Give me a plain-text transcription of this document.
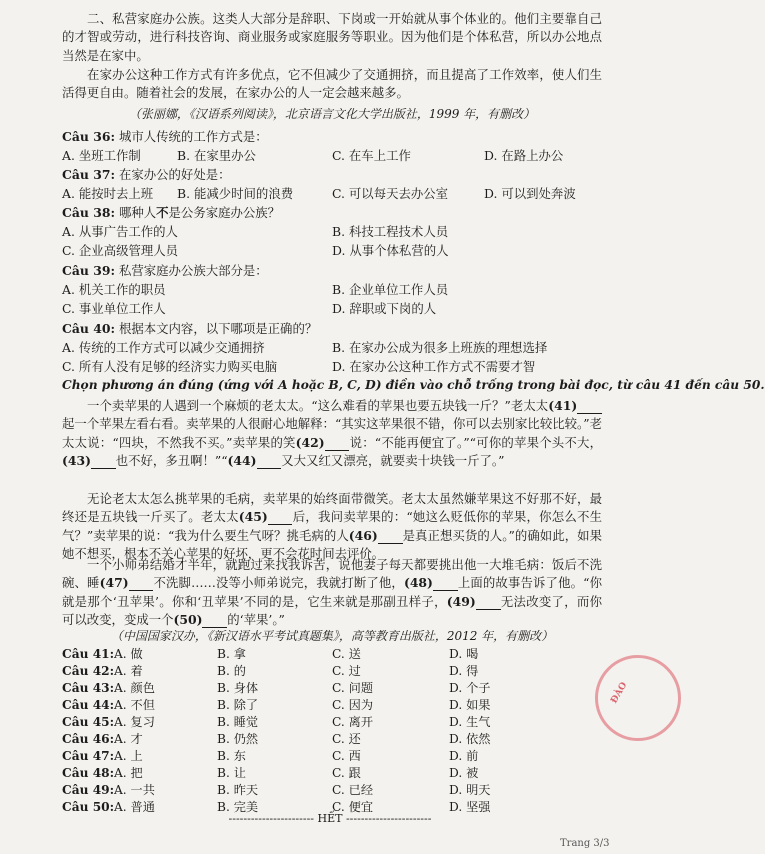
二、私营家庭办公族。这类人大部分是辞职、下岗或一开始就从事个体业的。他们主要靠自己的才智或劳动，进行科技咨询、商业服务或家庭服务等职业。因为他们是个体私营，所以办公地点当然是在家中。

在家办公这种工作方式有许多优点，它不但减少了交通拥挤，而且提高了工作效率，使人们生活得更自由。随着社会的发展，在家办公的人一定会越来越多。

（张丽娜，《汉语系列阅读》，北京语言文化大学出版社，1999 年，有删改）

Câu 36: 城市人传统的工作方式是：

A. 坐班工作制	B. 在家里办公	C. 在车上工作	D. 在路上办公

Câu 37: 在家办公的好处是：

A. 能按时去上班 B. 能减少时间的浪费	C. 可以每天去办公室	D. 可以到处奔波

Câu 38: 哪种人不是公务家庭办公族？

A. 从事广告工作的人	B. 科技工程技术人员
C. 企业高级管理人员	D. 从事个体私营的人

Câu 39: 私营家庭办公族大部分是：

A. 机关工作的职员	B. 企业单位工作人员
C. 事业单位工作人	D. 辞职或下岗的人

Câu 40: 根据本文内容，以下哪项是正确的？

A. 传统的工作方式可以减少交通拥挤	B. 在家办公成为很多上班族的理想选择
C. 所有人没有足够的经济实力购买电脑	D. 在家办公这种工作方式不需要才智

Chọn phương án đúng (ứng với A hoặc B, C, D) điền vào chỗ trống trong bài đọc, từ câu 41 đến câu 50.

一个卖苹果的人遇到一个麻烦的老太太。“这么难看的苹果也要五块钱一斤？”老太太(41)  起一个苹果左看右看。卖苹果的人很耐心地解释：“其实这苹果很不错，你可以去别家比较比较。”老太太说：“四块，不然我不买。”卖苹果的笑(42)   说：“不能再便宜了。”“可你的苹果个头不大，(43)   也不好，多丑啊！”“(44)   又大又红又漂亮，就要卖十块钱一斤了。”

无论老太太怎么挑苹果的毛病，卖苹果的始终面带微笑。老太太虽然嫌苹果这不好那不好，最终还是五块钱一斤买了。老太太(45)   后，我问卖苹果的：“她这么贬低你的苹果，你怎么不生气？”卖苹果的说：“我为什么要生气呀？挑毛病的人(46)   是真正想买货的人。”的确如此，如果她不想买，根本不关心苹果的好坏，更不会花时间去评价。

一个小师弟结婚才半年，就跑过来找我诉苦，说他妻子每天都要挑出他一大堆毛病：饭后不洗碗、睡(47)   不洗脚……没等小师弟说完，我就打断了他，(48)   上面的故事告诉了他。“你就是那个‘丑苹果’。你和‘丑苹果’不同的是，它生来就是那副丑样子，(49)   无法改变了，而你可以改变，变成一个(50)   的‘苹果’。”

（中国国家汉办，《新汉语水平考试真题集》，高等教育出版社，2012 年，有删改）

Câu 41: A. 做	B. 拿	C. 送	D. 喝
Câu 42: A. 着	B. 的	C. 过	D. 得
Câu 43: A. 颜色	B. 身体	C. 问题	D. 个子
Câu 44: A. 不但	B. 除了	C. 因为	D. 如果
Câu 45: A. 复习	B. 睡觉	C. 离开	D. 生气
Câu 46: A. 才	B. 仍然	C. 还	D. 依然
Câu 47: A. 上	B. 东	C. 西	D. 前
Câu 48: A. 把	B. 让	C. 跟	D. 被
Câu 49: A. 一共	B. 昨天	C. 已经	D. 明天
Câu 50: A. 普通	B. 完美	C. 便宜	D. 坚强
----------------------- HẾT -----------------------
Trang 3/3
ĐÀO
